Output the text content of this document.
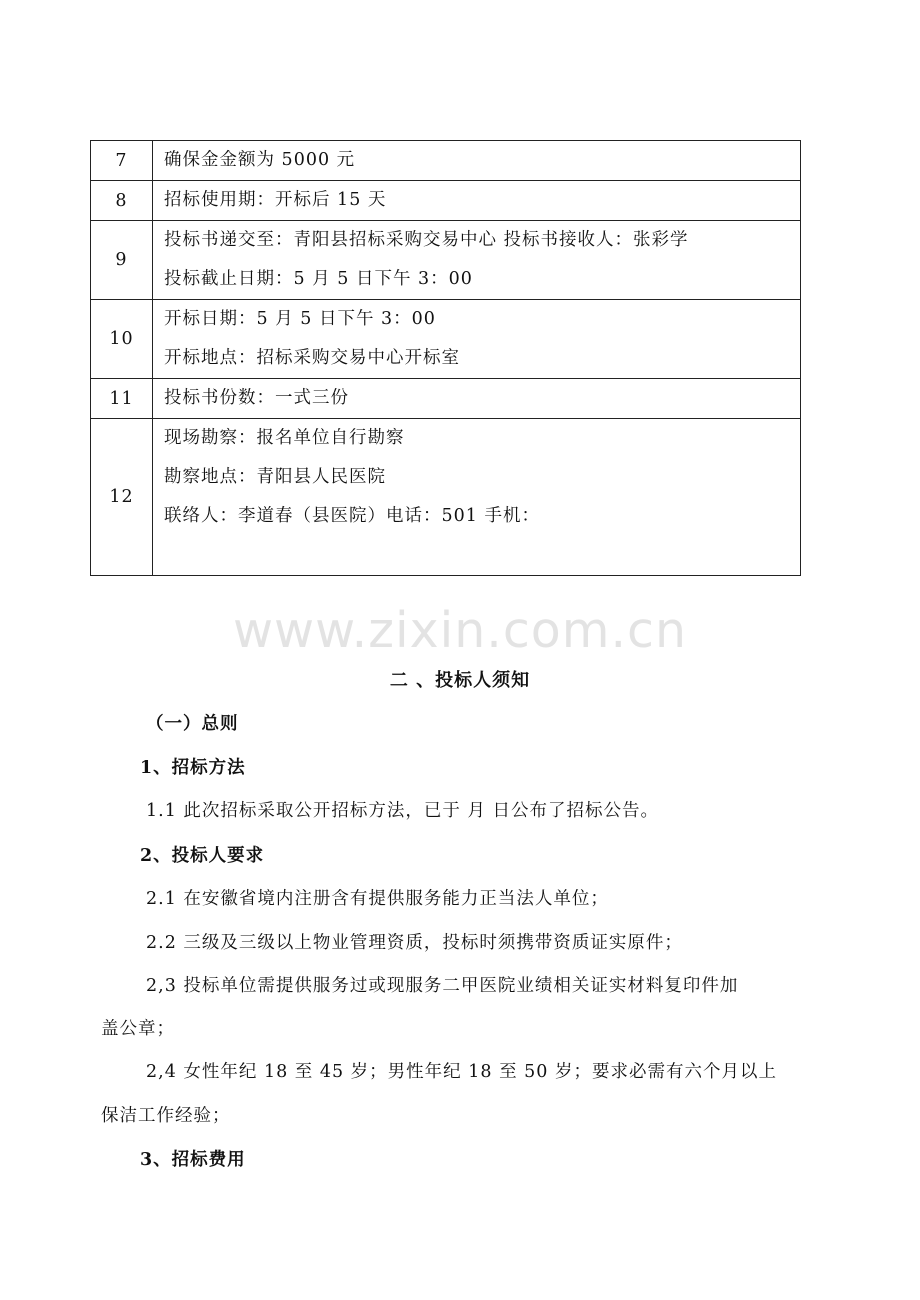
7	确保金金额为 5000 元

8	招标使用期：开标后 15 天

9	投标书递交至：青阳县招标采购交易中心 投标书接收人：张彩学
投标截止日期：5 月 5 日下午 3：00

10	开标日期：5 月 5 日下午 3：00
开标地点：招标采购交易中心开标室

11	投标书份数：一式三份

12	现场勘察：报名单位自行勘察
勘察地点：青阳县人民医院
联络人：李道春（县医院）电话：501 手机：
www.zixin.com.cn
二 、投标人须知
（一）总则
1、招标方法
1.1 此次招标采取公开招标方法，已于 月 日公布了招标公告。
2、投标人要求
2.1 在安徽省境内注册含有提供服务能力正当法人单位；
2.2 三级及三级以上物业管理资质，投标时须携带资质证实原件；
2,3 投标单位需提供服务过或现服务二甲医院业绩相关证实材料复印件加
盖公章；
2,4 女性年纪 18 至 45 岁；男性年纪 18 至 50 岁；要求必需有六个月以上
保洁工作经验；
3、招标费用
